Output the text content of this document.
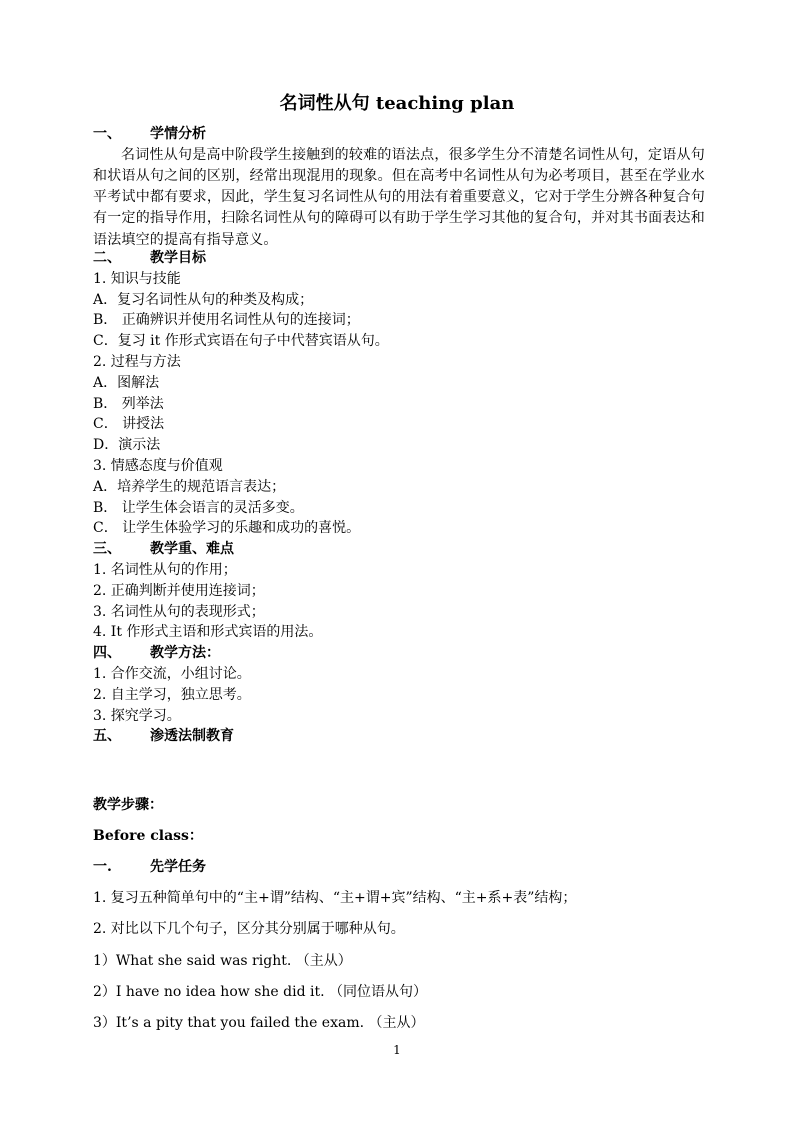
名词性从句 teaching plan
一、 学情分析
名词性从句是高中阶段学生接触到的较难的语法点，很多学生分不清楚名词性从句，定语从句和状语从句之间的区别，经常出现混用的现象。但在高考中名词性从句为必考项目，甚至在学业水平考试中都有要求，因此，学生复习名词性从句的用法有着重要意义，它对于学生分辨各种复合句有一定的指导作用，扫除名词性从句的障碍可以有助于学生学习其他的复合句，并对其书面表达和语法填空的提高有指导意义。
二、 教学目标
1. 知识与技能
A．复习名词性从句的种类及构成；
B． 正确辨识并使用名词性从句的连接词；
C．复习 it 作形式宾语在句子中代替宾语从句。
2. 过程与方法
A．图解法
B． 列举法
C． 讲授法
D．演示法
3. 情感态度与价值观
A．培养学生的规范语言表达；
B． 让学生体会语言的灵活多变。
C． 让学生体验学习的乐趣和成功的喜悦。
三、 教学重、难点
1. 名词性从句的作用；
2. 正确判断并使用连接词；
3. 名词性从句的表现形式；
4. It 作形式主语和形式宾语的用法。
四、 教学方法：
1. 合作交流，小组讨论。
2. 自主学习，独立思考。
3. 探究学习。
五、 渗透法制教育
教学步骤：
Before class：
一.	先学任务
1. 复习五种简单句中的“主+谓”结构、“主+谓+宾”结构、“主+系+表”结构；
2. 对比以下几个句子，区分其分别属于哪种从句。
1）What she said was right. （主从）
2）I have no idea how she did it. （同位语从句）
3）It’s a pity that you failed the exam. （主从）
1
